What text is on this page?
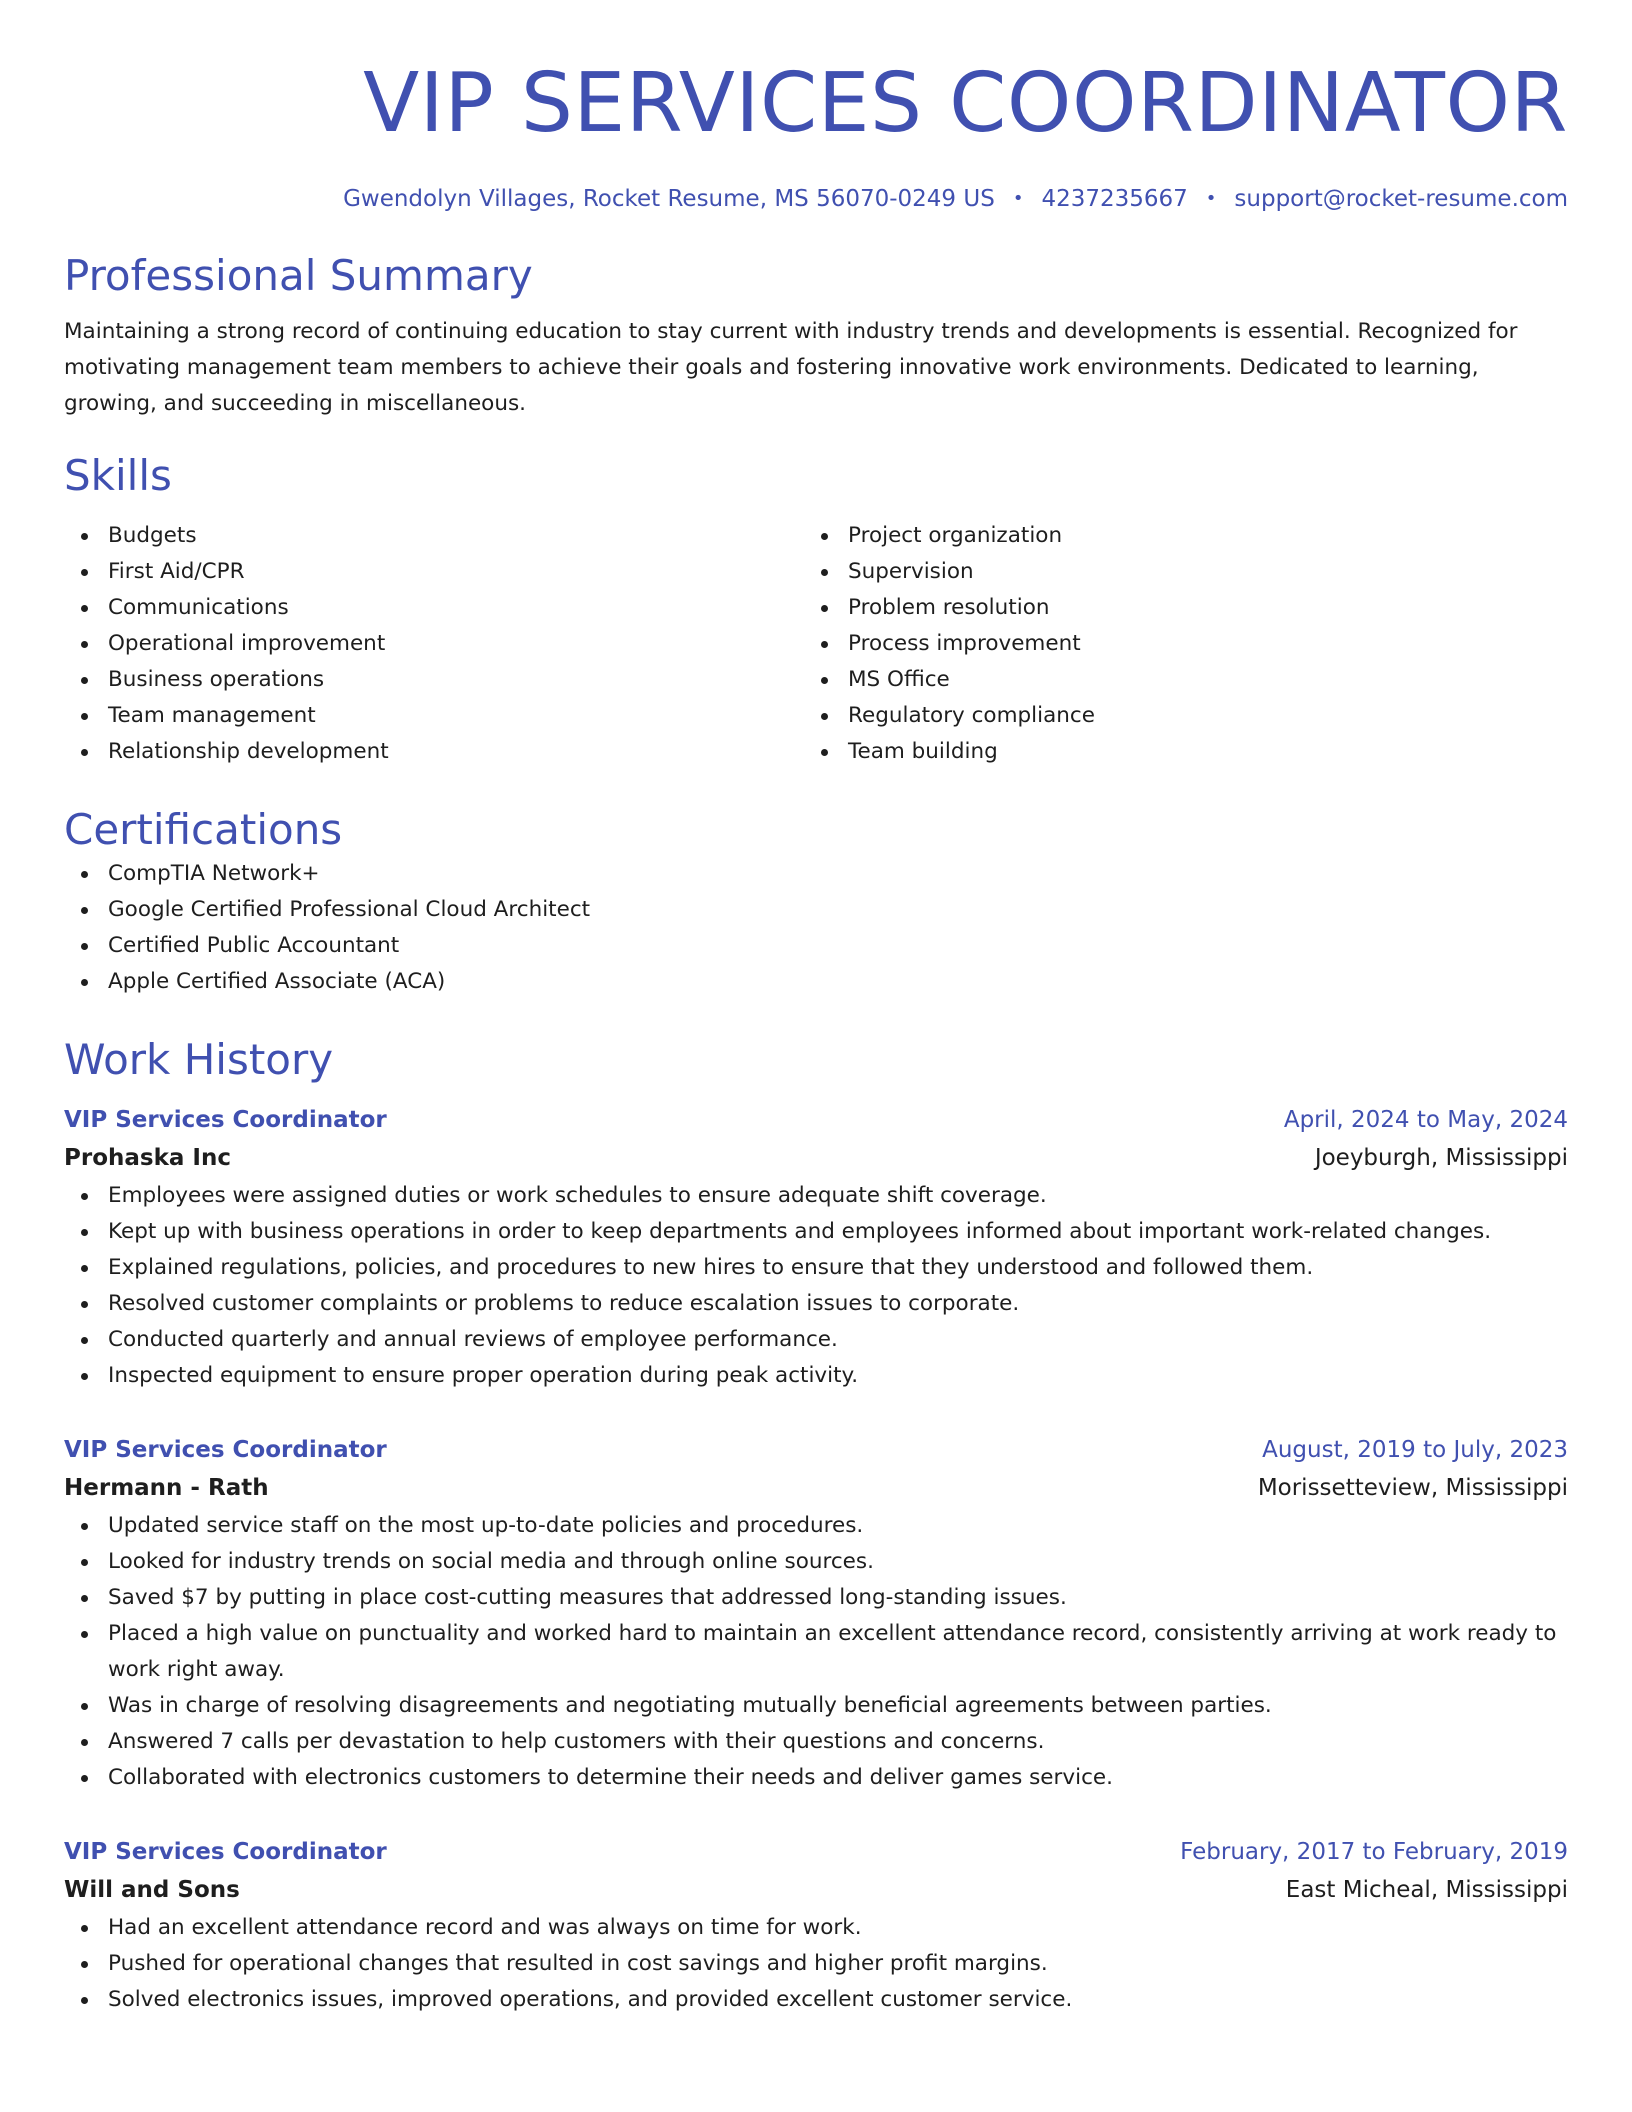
VIP SERVICES COORDINATOR
Gwendolyn Villages, Rocket Resume, MS 56070-0249 US • 4237235667 • support@rocket-resume.com
Professional Summary

Maintaining a strong record of continuing education to stay current with industry trends and developments is essential. Recognized for motivating management team members to achieve their goals and fostering innovative work environments. Dedicated to learning, growing, and succeeding in miscellaneous.

Skills
Budgets
First Aid/CPR
Communications
Operational improvement
Business operations
Team management
Relationship development
Project organization
Supervision
Problem resolution
Process improvement
MS Office
Regulatory compliance
Team building
Certifications
CompTIA Network+
Google Certified Professional Cloud Architect
Certified Public Accountant
Apple Certified Associate (ACA)
Work History
VIP Services Coordinator	April, 2024 to May, 2024
Prohaska Inc	Joeyburgh, Mississippi
Employees were assigned duties or work schedules to ensure adequate shift coverage.
Kept up with business operations in order to keep departments and employees informed about important work-related changes.
Explained regulations, policies, and procedures to new hires to ensure that they understood and followed them.
Resolved customer complaints or problems to reduce escalation issues to corporate.
Conducted quarterly and annual reviews of employee performance.
Inspected equipment to ensure proper operation during peak activity.
VIP Services Coordinator	August, 2019 to July, 2023
Hermann - Rath	Morissetteview, Mississippi
Updated service staff on the most up-to-date policies and procedures.
Looked for industry trends on social media and through online sources.
Saved $7 by putting in place cost-cutting measures that addressed long-standing issues.
Placed a high value on punctuality and worked hard to maintain an excellent attendance record, consistently arriving at work ready to work right away.
Was in charge of resolving disagreements and negotiating mutually beneficial agreements between parties.
Answered 7 calls per devastation to help customers with their questions and concerns.
Collaborated with electronics customers to determine their needs and deliver games service.
VIP Services Coordinator	February, 2017 to February, 2019
Will and Sons	East Micheal, Mississippi
Had an excellent attendance record and was always on time for work.
Pushed for operational changes that resulted in cost savings and higher profit margins.
Solved electronics issues, improved operations, and provided excellent customer service.
